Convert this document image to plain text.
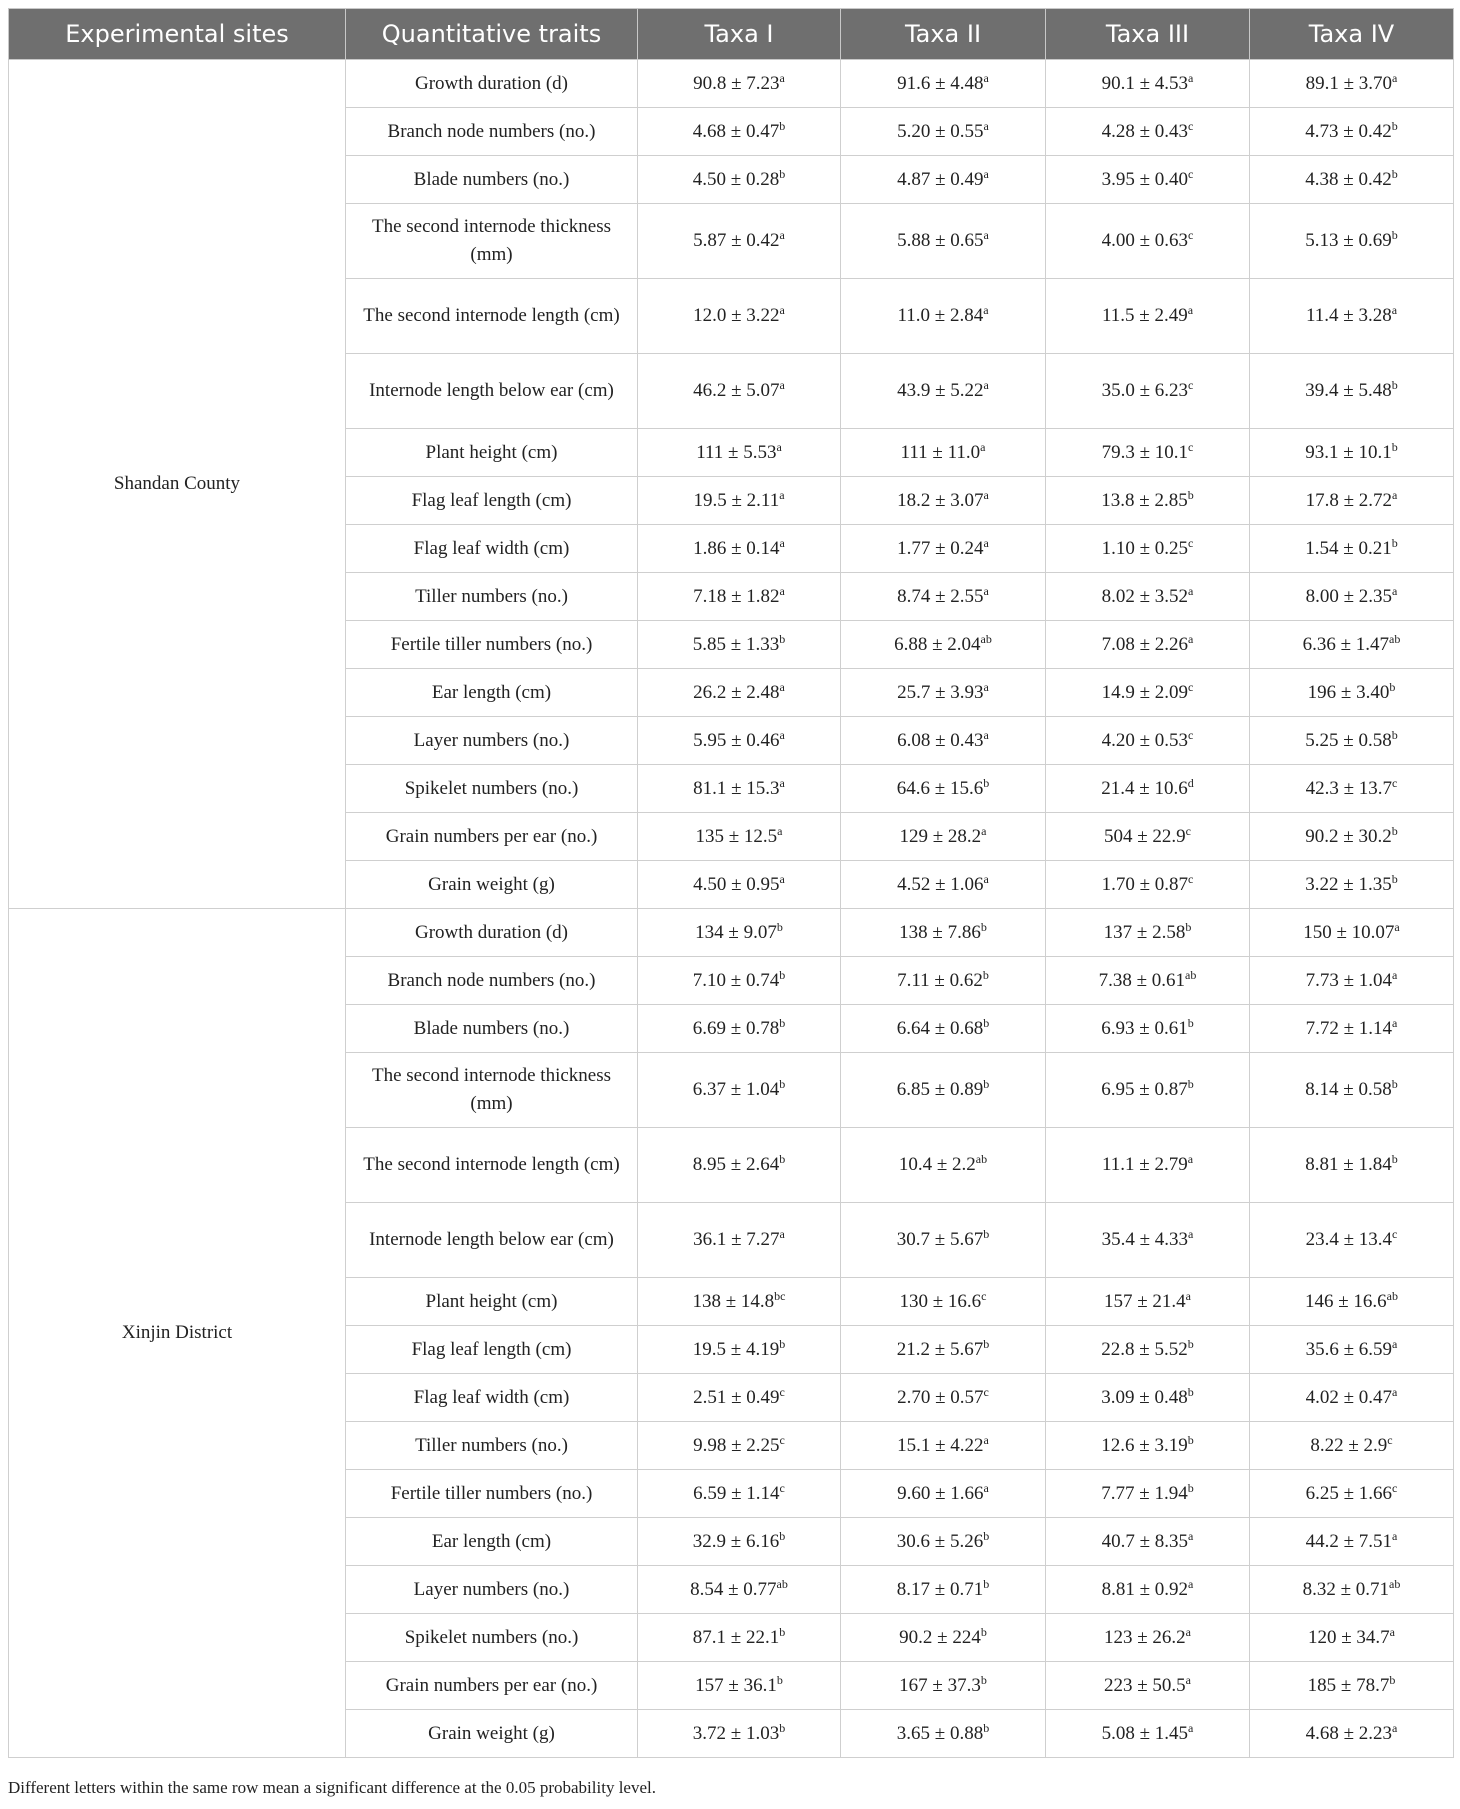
Experimental sites	Quantitative traits	Taxa I	Taxa II	Taxa III	Taxa IV
Shandan County	Growth duration (d)	90.8 ± 7.23$^a$	91.6 ± 4.48$^a$	90.1 ± 4.53$^a$	89.1 ± 3.70$^a$
	Branch node numbers (no.)	4.68 ± 0.47$^b$	5.20 ± 0.55$^a$	4.28 ± 0.43$^c$	4.73 ± 0.42$^b$
	Blade numbers (no.)	4.50 ± 0.28$^b$	4.87 ± 0.49$^a$	3.95 ± 0.40$^c$	4.38 ± 0.42$^b$
	The second internode thickness (mm)	5.87 ± 0.42$^a$	5.88 ± 0.65$^a$	4.00 ± 0.63$^c$	5.13 ± 0.69$^b$
	The second internode length (cm)	12.0 ± 3.22$^a$	11.0 ± 2.84$^a$	11.5 ± 2.49$^a$	11.4 ± 3.28$^a$
	Internode length below ear (cm)	46.2 ± 5.07$^a$	43.9 ± 5.22$^a$	35.0 ± 6.23$^c$	39.4 ± 5.48$^b$
	Plant height (cm)	111 ± 5.53$^a$	111 ± 11.0$^a$	79.3 ± 10.1$^c$	93.1 ± 10.1$^b$
	Flag leaf length (cm)	19.5 ± 2.11$^a$	18.2 ± 3.07$^a$	13.8 ± 2.85$^b$	17.8 ± 2.72$^a$
	Flag leaf width (cm)	1.86 ± 0.14$^a$	1.77 ± 0.24$^a$	1.10 ± 0.25$^c$	1.54 ± 0.21$^b$
	Tiller numbers (no.)	7.18 ± 1.82$^a$	8.74 ± 2.55$^a$	8.02 ± 3.52$^a$	8.00 ± 2.35$^a$
	Fertile tiller numbers (no.)	5.85 ± 1.33$^b$	6.88 ± 2.04$^{ab}$	7.08 ± 2.26$^a$	6.36 ± 1.47$^{ab}$
	Ear length (cm)	26.2 ± 2.48$^a$	25.7 ± 3.93$^a$	14.9 ± 2.09$^c$	196 ± 3.40$^b$
	Layer numbers (no.)	5.95 ± 0.46$^a$	6.08 ± 0.43$^a$	4.20 ± 0.53$^c$	5.25 ± 0.58$^b$
	Spikelet numbers (no.)	81.1 ± 15.3$^a$	64.6 ± 15.6$^b$	21.4 ± 10.6$^d$	42.3 ± 13.7$^c$
	Grain numbers per ear (no.)	135 ± 12.5$^a$	129 ± 28.2$^a$	504 ± 22.9$^c$	90.2 ± 30.2$^b$
	Grain weight (g)	4.50 ± 0.95$^a$	4.52 ± 1.06$^a$	1.70 ± 0.87$^c$	3.22 ± 1.35$^b$
Xinjin District	Growth duration (d)	134 ± 9.07$^b$	138 ± 7.86$^b$	137 ± 2.58$^b$	150 ± 10.07$^a$
	Branch node numbers (no.)	7.10 ± 0.74$^b$	7.11 ± 0.62$^b$	7.38 ± 0.61$^{ab}$	7.73 ± 1.04$^a$
	Blade numbers (no.)	6.69 ± 0.78$^b$	6.64 ± 0.68$^b$	6.93 ± 0.61$^b$	7.72 ± 1.14$^a$
	The second internode thickness (mm)	6.37 ± 1.04$^b$	6.85 ± 0.89$^b$	6.95 ± 0.87$^b$	8.14 ± 0.58$^b$
	The second internode length (cm)	8.95 ± 2.64$^b$	10.4 ± 2.2$^{ab}$	11.1 ± 2.79$^a$	8.81 ± 1.84$^b$
	Internode length below ear (cm)	36.1 ± 7.27$^a$	30.7 ± 5.67$^b$	35.4 ± 4.33$^a$	23.4 ± 13.4$^c$
	Plant height (cm)	138 ± 14.8$^{bc}$	130 ± 16.6$^c$	157 ± 21.4$^a$	146 ± 16.6$^{ab}$
	Flag leaf length (cm)	19.5 ± 4.19$^b$	21.2 ± 5.67$^b$	22.8 ± 5.52$^b$	35.6 ± 6.59$^a$
	Flag leaf width (cm)	2.51 ± 0.49$^c$	2.70 ± 0.57$^c$	3.09 ± 0.48$^b$	4.02 ± 0.47$^a$
	Tiller numbers (no.)	9.98 ± 2.25$^c$	15.1 ± 4.22$^a$	12.6 ± 3.19$^b$	8.22 ± 2.9$^c$
	Fertile tiller numbers (no.)	6.59 ± 1.14$^c$	9.60 ± 1.66$^a$	7.77 ± 1.94$^b$	6.25 ± 1.66$^c$
	Ear length (cm)	32.9 ± 6.16$^b$	30.6 ± 5.26$^b$	40.7 ± 8.35$^a$	44.2 ± 7.51$^a$
	Layer numbers (no.)	8.54 ± 0.77$^{ab}$	8.17 ± 0.71$^b$	8.81 ± 0.92$^a$	8.32 ± 0.71$^{ab}$
	Spikelet numbers (no.)	87.1 ± 22.1$^b$	$90.2 \pm 224^b$	123 ± 26.2$^a$	120 ± 34.7$^a$
	Grain numbers per ear (no.)	157 ± 36.1$^b$	167 ± 37.3$^b$	223 ± 50.5$^a$	185 ± 78.7$^b$
	Grain weight (g)	3.72 ± 1.03$^b$	3.65 ± 0.88$^b$	5.08 ± 1.45$^a$	4.68 ± 2.23$^a$
Different letters within the same row mean a significant difference at the 0.05 probability level.
